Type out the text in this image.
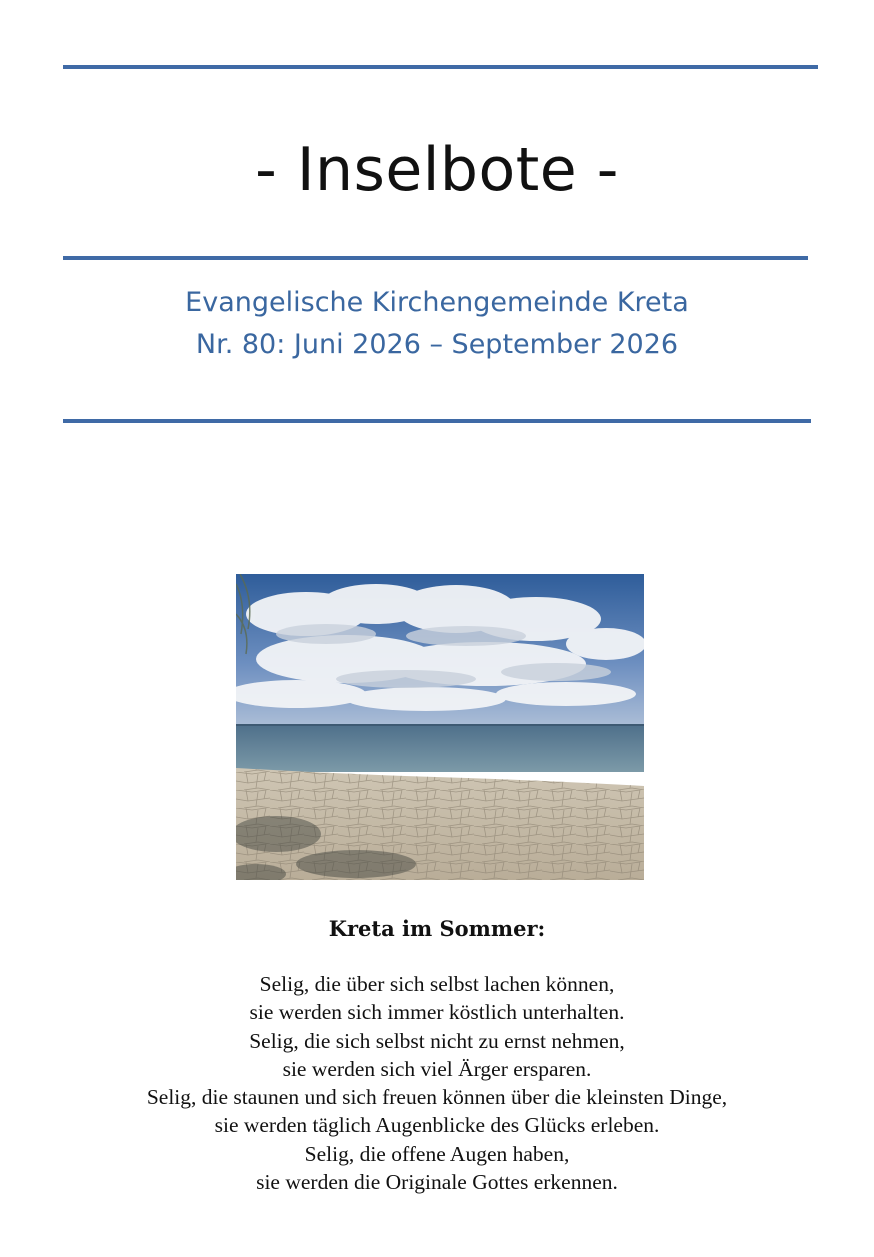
- Inselbote -
Evangelische Kirchengemeinde Kreta
Nr. 80: Juni 2026 – September 2026
Kreta im Sommer:
Selig, die über sich selbst lachen können,
sie werden sich immer köstlich unterhalten.
Selig, die sich selbst nicht zu ernst nehmen,
sie werden sich viel Ärger ersparen.
Selig, die staunen und sich freuen können über die kleinsten Dinge,
sie werden täglich Augenblicke des Glücks erleben.
Selig, die offene Augen haben,
sie werden die Originale Gottes erkennen.
